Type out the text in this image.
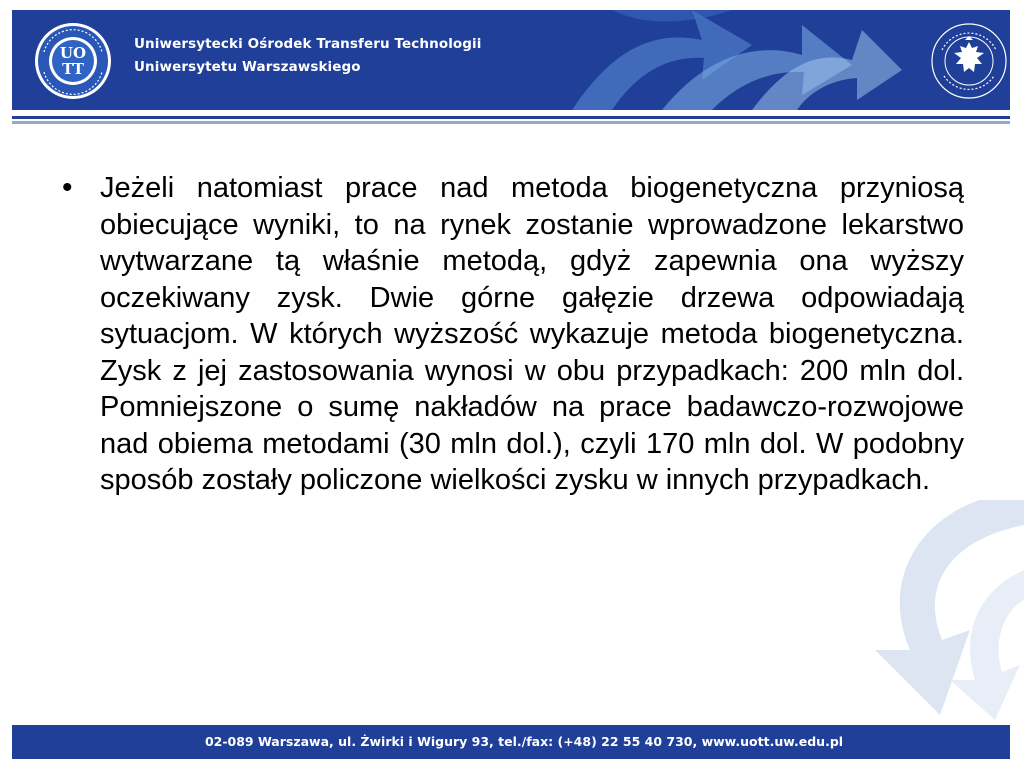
UO
TT
Uniwersytecki Ośrodek Transferu Technologii
Uniwersytetu Warszawskiego
• Jeżeli natomiast prace nad metoda biogenetyczna przyniosą obiecujące wyniki, to na rynek zostanie wprowadzone lekarstwo wytwarzane tą właśnie metodą, gdyż zapewnia ona wyższy oczekiwany zysk. Dwie górne gałęzie drzewa odpowiadają sytuacjom. W których wyższość wykazuje metoda biogenetyczna. Zysk z jej zastosowania wynosi w obu przypadkach: 200 mln dol. Pomniejszone o sumę nakładów na prace badawczo-rozwojowe nad obiema metodami (30 mln dol.), czyli 170 mln dol. W podobny sposób zostały policzone wielkości zysku w innych przypadkach.

02-089 Warszawa, ul. Żwirki i Wigury 93, tel./fax: (+48) 22 55 40 730, www.uott.uw.edu.pl
